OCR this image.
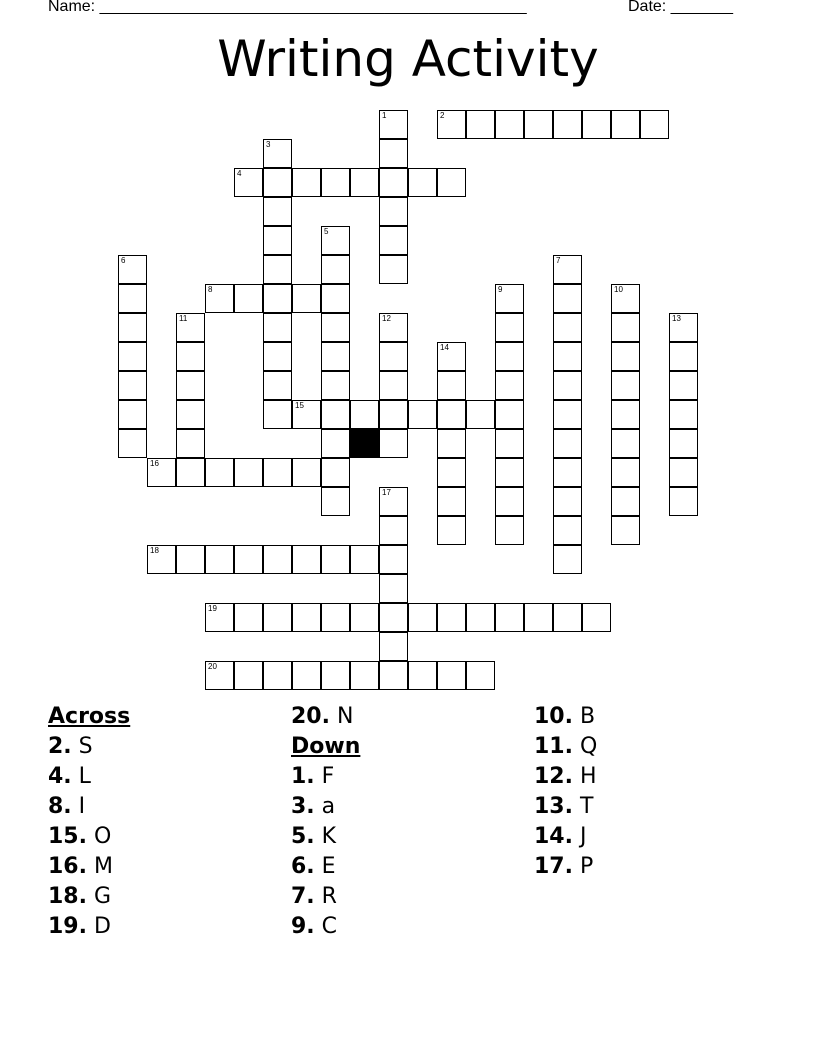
Name: ________________________________________________	Date: _______
Writing Activity
2
4
8
15
16
18
19
20
1
3
5
6	7
9	10
11	12	13
14
17
Across
2. S
4. L
8. I
15. O
16. M
18. G
19. D
20. N
Down
1. F
3. a
5. K
6. E
7. R
9. C
10. B
11. Q
12. H
13. T
14. J
17. P
